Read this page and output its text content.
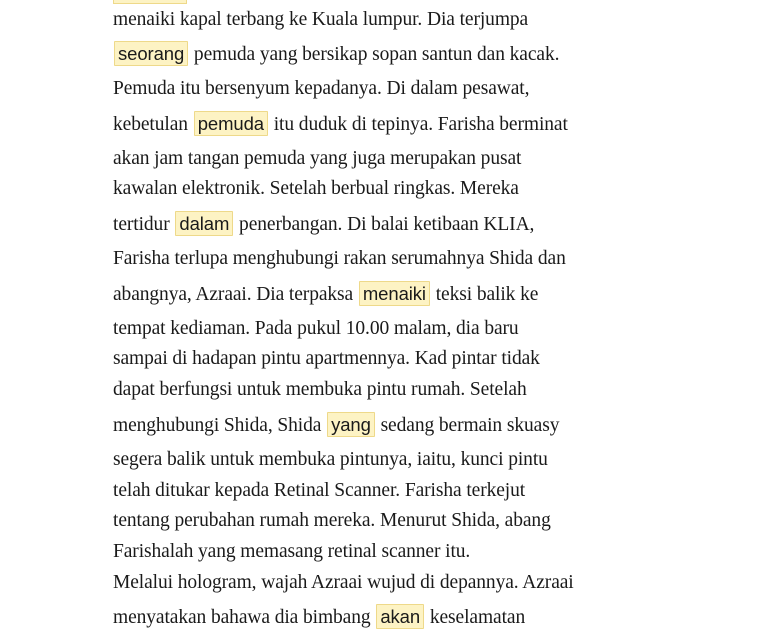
menaiki kapal terbang ke Kuala lumpur. Dia terjumpa
seorang pemuda yang bersikap sopan santun dan kacak.
Pemuda itu bersenyum kepadanya. Di dalam pesawat,
kebetulan pemuda itu duduk di tepinya. Farisha berminat
akan jam tangan pemuda yang juga merupakan pusat
kawalan elektronik. Setelah berbual ringkas. Mereka
tertidur dalam penerbangan. Di balai ketibaan KLIA,
Farisha terlupa menghubungi rakan serumahnya Shida dan
abangnya, Azraai. Dia terpaksa menaiki teksi balik ke
tempat kediaman. Pada pukul 10.00 malam, dia baru
sampai di hadapan pintu apartmennya. Kad pintar tidak
dapat berfungsi untuk membuka pintu rumah. Setelah
menghubungi Shida, Shida yang sedang bermain skuasy
segera balik untuk membuka pintunya, iaitu, kunci pintu
telah ditukar kepada Retinal Scanner. Farisha terkejut
tentang perubahan rumah mereka. Menurut Shida, abang
Farishalah yang memasang retinal scanner itu.
Melalui hologram, wajah Azraai wujud di depannya. Azraai
menyatakan bahawa dia bimbang akan keselamatan
